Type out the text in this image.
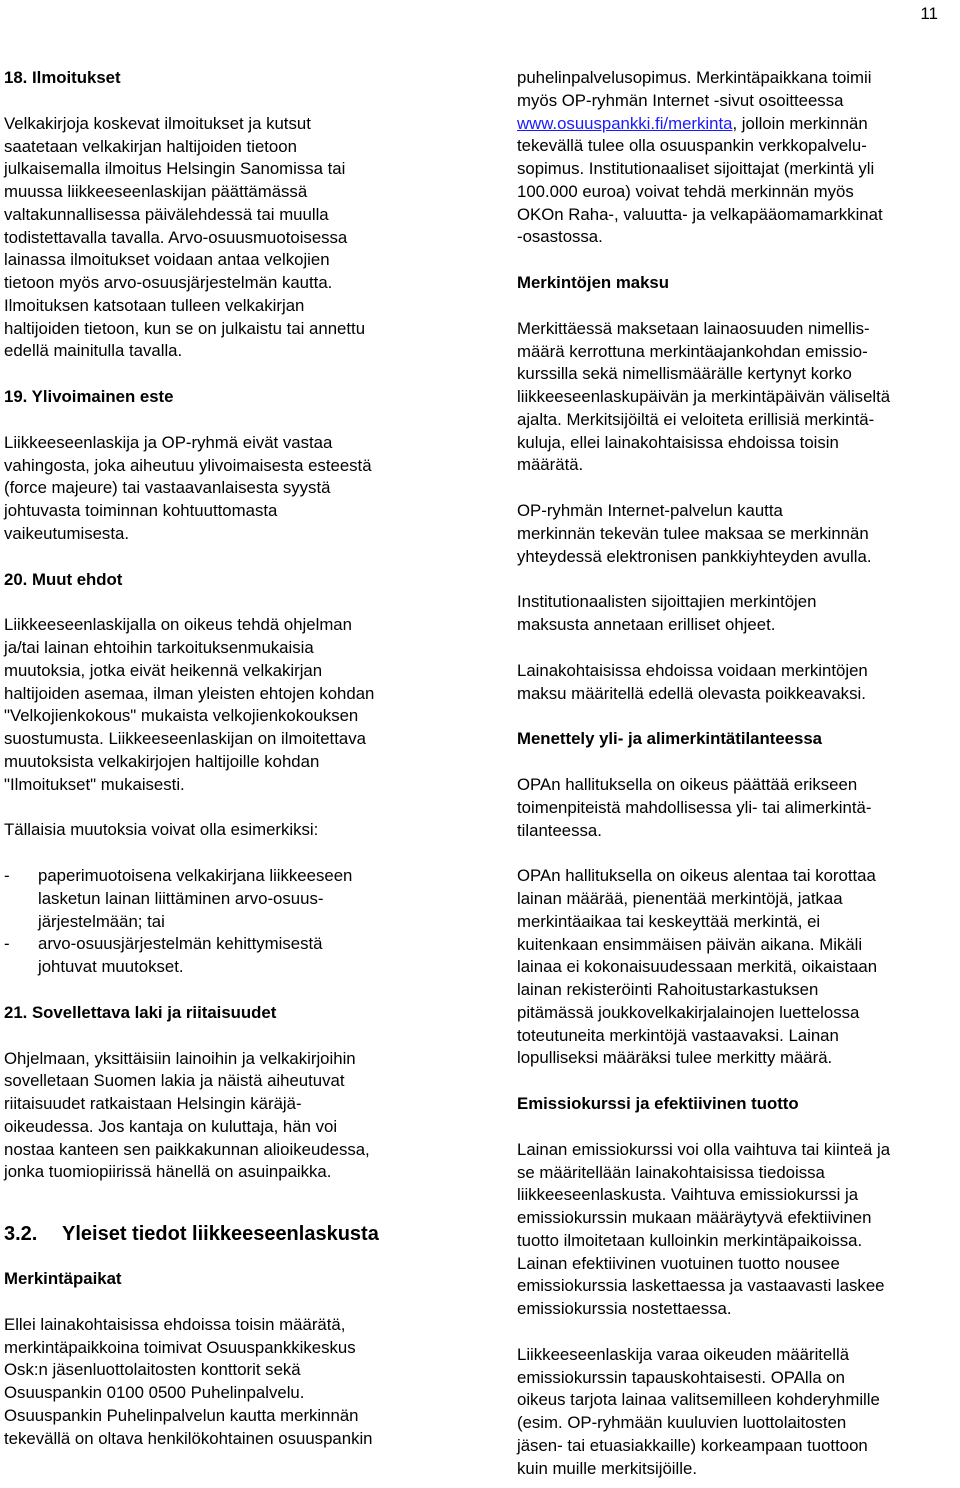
11
18. Ilmoitukset

Velkakirjoja koskevat ilmoitukset ja kutsut
saatetaan velkakirjan haltijoiden tietoon
julkaisemalla ilmoitus Helsingin Sanomissa tai
muussa liikkeeseenlaskijan päättämässä
valtakunnallisessa päivälehdessä tai muulla
todistettavalla tavalla. Arvo-osuusmuotoisessa
lainassa ilmoitukset voidaan antaa velkojien
tietoon myös arvo-osuusjärjestelmän kautta.
Ilmoituksen katsotaan tulleen velkakirjan
haltijoiden tietoon, kun se on julkaistu tai annettu
edellä mainitulla tavalla.

19. Ylivoimainen este

Liikkeeseenlaskija ja OP-ryhmä eivät vastaa
vahingosta, joka aiheutuu ylivoimaisesta esteestä
(force majeure) tai vastaavanlaisesta syystä
johtuvasta toiminnan kohtuuttomasta
vaikeutumisesta.

20. Muut ehdot

Liikkeeseenlaskijalla on oikeus tehdä ohjelman
ja/tai lainan ehtoihin tarkoituksenmukaisia
muutoksia, jotka eivät heikennä velkakirjan
haltijoiden asemaa, ilman yleisten ehtojen kohdan
"Velkojienkokous" mukaista velkojienkokouksen
suostumusta. Liikkeeseenlaskijan on ilmoitettava
muutoksista velkakirjojen haltijoille kohdan
"Ilmoitukset" mukaisesti.

Tällaisia muutoksia voivat olla esimerkiksi:

-	paperimuotoisena velkakirjana liikkeeseen
lasketun lainan liittäminen arvo-osuus-
järjestelmään; tai
-	arvo-osuusjärjestelmän kehittymisestä
johtuvat muutokset.
21. Sovellettava laki ja riitaisuudet

Ohjelmaan, yksittäisiin lainoihin ja velkakirjoihin
sovelletaan Suomen lakia ja näistä aiheutuvat
riitaisuudet ratkaistaan Helsingin käräjä-
oikeudessa. Jos kantaja on kuluttaja, hän voi
nostaa kanteen sen paikkakunnan alioikeudessa,
jonka tuomiopiirissä hänellä on asuinpaikka.

3.2. Yleiset tiedot liikkeeseenlaskusta
Merkintäpaikat

Ellei lainakohtaisissa ehdoissa toisin määrätä,
merkintäpaikkoina toimivat Osuuspankkikeskus
Osk:n jäsenluottolaitosten konttorit sekä
Osuuspankin 0100 0500 Puhelinpalvelu.
Osuuspankin Puhelinpalvelun kautta merkinnän
tekevällä on oltava henkilökohtainen osuuspankin

puhelinpalvelusopimus. Merkintäpaikkana toimii
myös OP-ryhmän Internet -sivut osoitteessa
www.osuuspankki.fi/merkinta, jolloin merkinnän
tekevällä tulee olla osuuspankin verkkopalvelu-
sopimus. Institutionaaliset sijoittajat (merkintä yli
100.000 euroa) voivat tehdä merkinnän myös
OKOn Raha-, valuutta- ja velkapääomamarkkinat
-osastossa.

Merkintöjen maksu

Merkittäessä maksetaan lainaosuuden nimellis-
määrä kerrottuna merkintäajankohdan emissio-
kurssilla sekä nimellismäärälle kertynyt korko
liikkeeseenlaskupäivän ja merkintäpäivän väliseltä
ajalta. Merkitsijöiltä ei veloiteta erillisiä merkintä-
kuluja, ellei lainakohtaisissa ehdoissa toisin
määrätä.

OP-ryhmän Internet-palvelun kautta
merkinnän tekevän tulee maksaa se merkinnän
yhteydessä elektronisen pankkiyhteyden avulla.

Institutionaalisten sijoittajien merkintöjen
maksusta annetaan erilliset ohjeet.

Lainakohtaisissa ehdoissa voidaan merkintöjen
maksu määritellä edellä olevasta poikkeavaksi.

Menettely yli- ja alimerkintätilanteessa

OPAn hallituksella on oikeus päättää erikseen
toimenpiteistä mahdollisessa yli- tai alimerkintä-
tilanteessa.

OPAn hallituksella on oikeus alentaa tai korottaa
lainan määrää, pienentää merkintöjä, jatkaa
merkintäaikaa tai keskeyttää merkintä, ei
kuitenkaan ensimmäisen päivän aikana. Mikäli
lainaa ei kokonaisuudessaan merkitä, oikaistaan
lainan rekisteröinti Rahoitustarkastuksen
pitämässä joukkovelkakirjalainojen luettelossa
toteutuneita merkintöjä vastaavaksi. Lainan
lopulliseksi määräksi tulee merkitty määrä.

Emissiokurssi ja efektiivinen tuotto

Lainan emissiokurssi voi olla vaihtuva tai kiinteä ja
se määritellään lainakohtaisissa tiedoissa
liikkeeseenlaskusta. Vaihtuva emissiokurssi ja
emissiokurssin mukaan määräytyvä efektiivinen
tuotto ilmoitetaan kulloinkin merkintäpaikoissa.
Lainan efektiivinen vuotuinen tuotto nousee
emissiokurssia laskettaessa ja vastaavasti laskee
emissiokurssia nostettaessa.

Liikkeeseenlaskija varaa oikeuden määritellä
emissiokurssin tapauskohtaisesti. OPAlla on
oikeus tarjota lainaa valitsemilleen kohderyhmille
(esim. OP-ryhmään kuuluvien luottolaitosten
jäsen- tai etuasiakkaille) korkeampaan tuottoon
kuin muille merkitsijöille.
